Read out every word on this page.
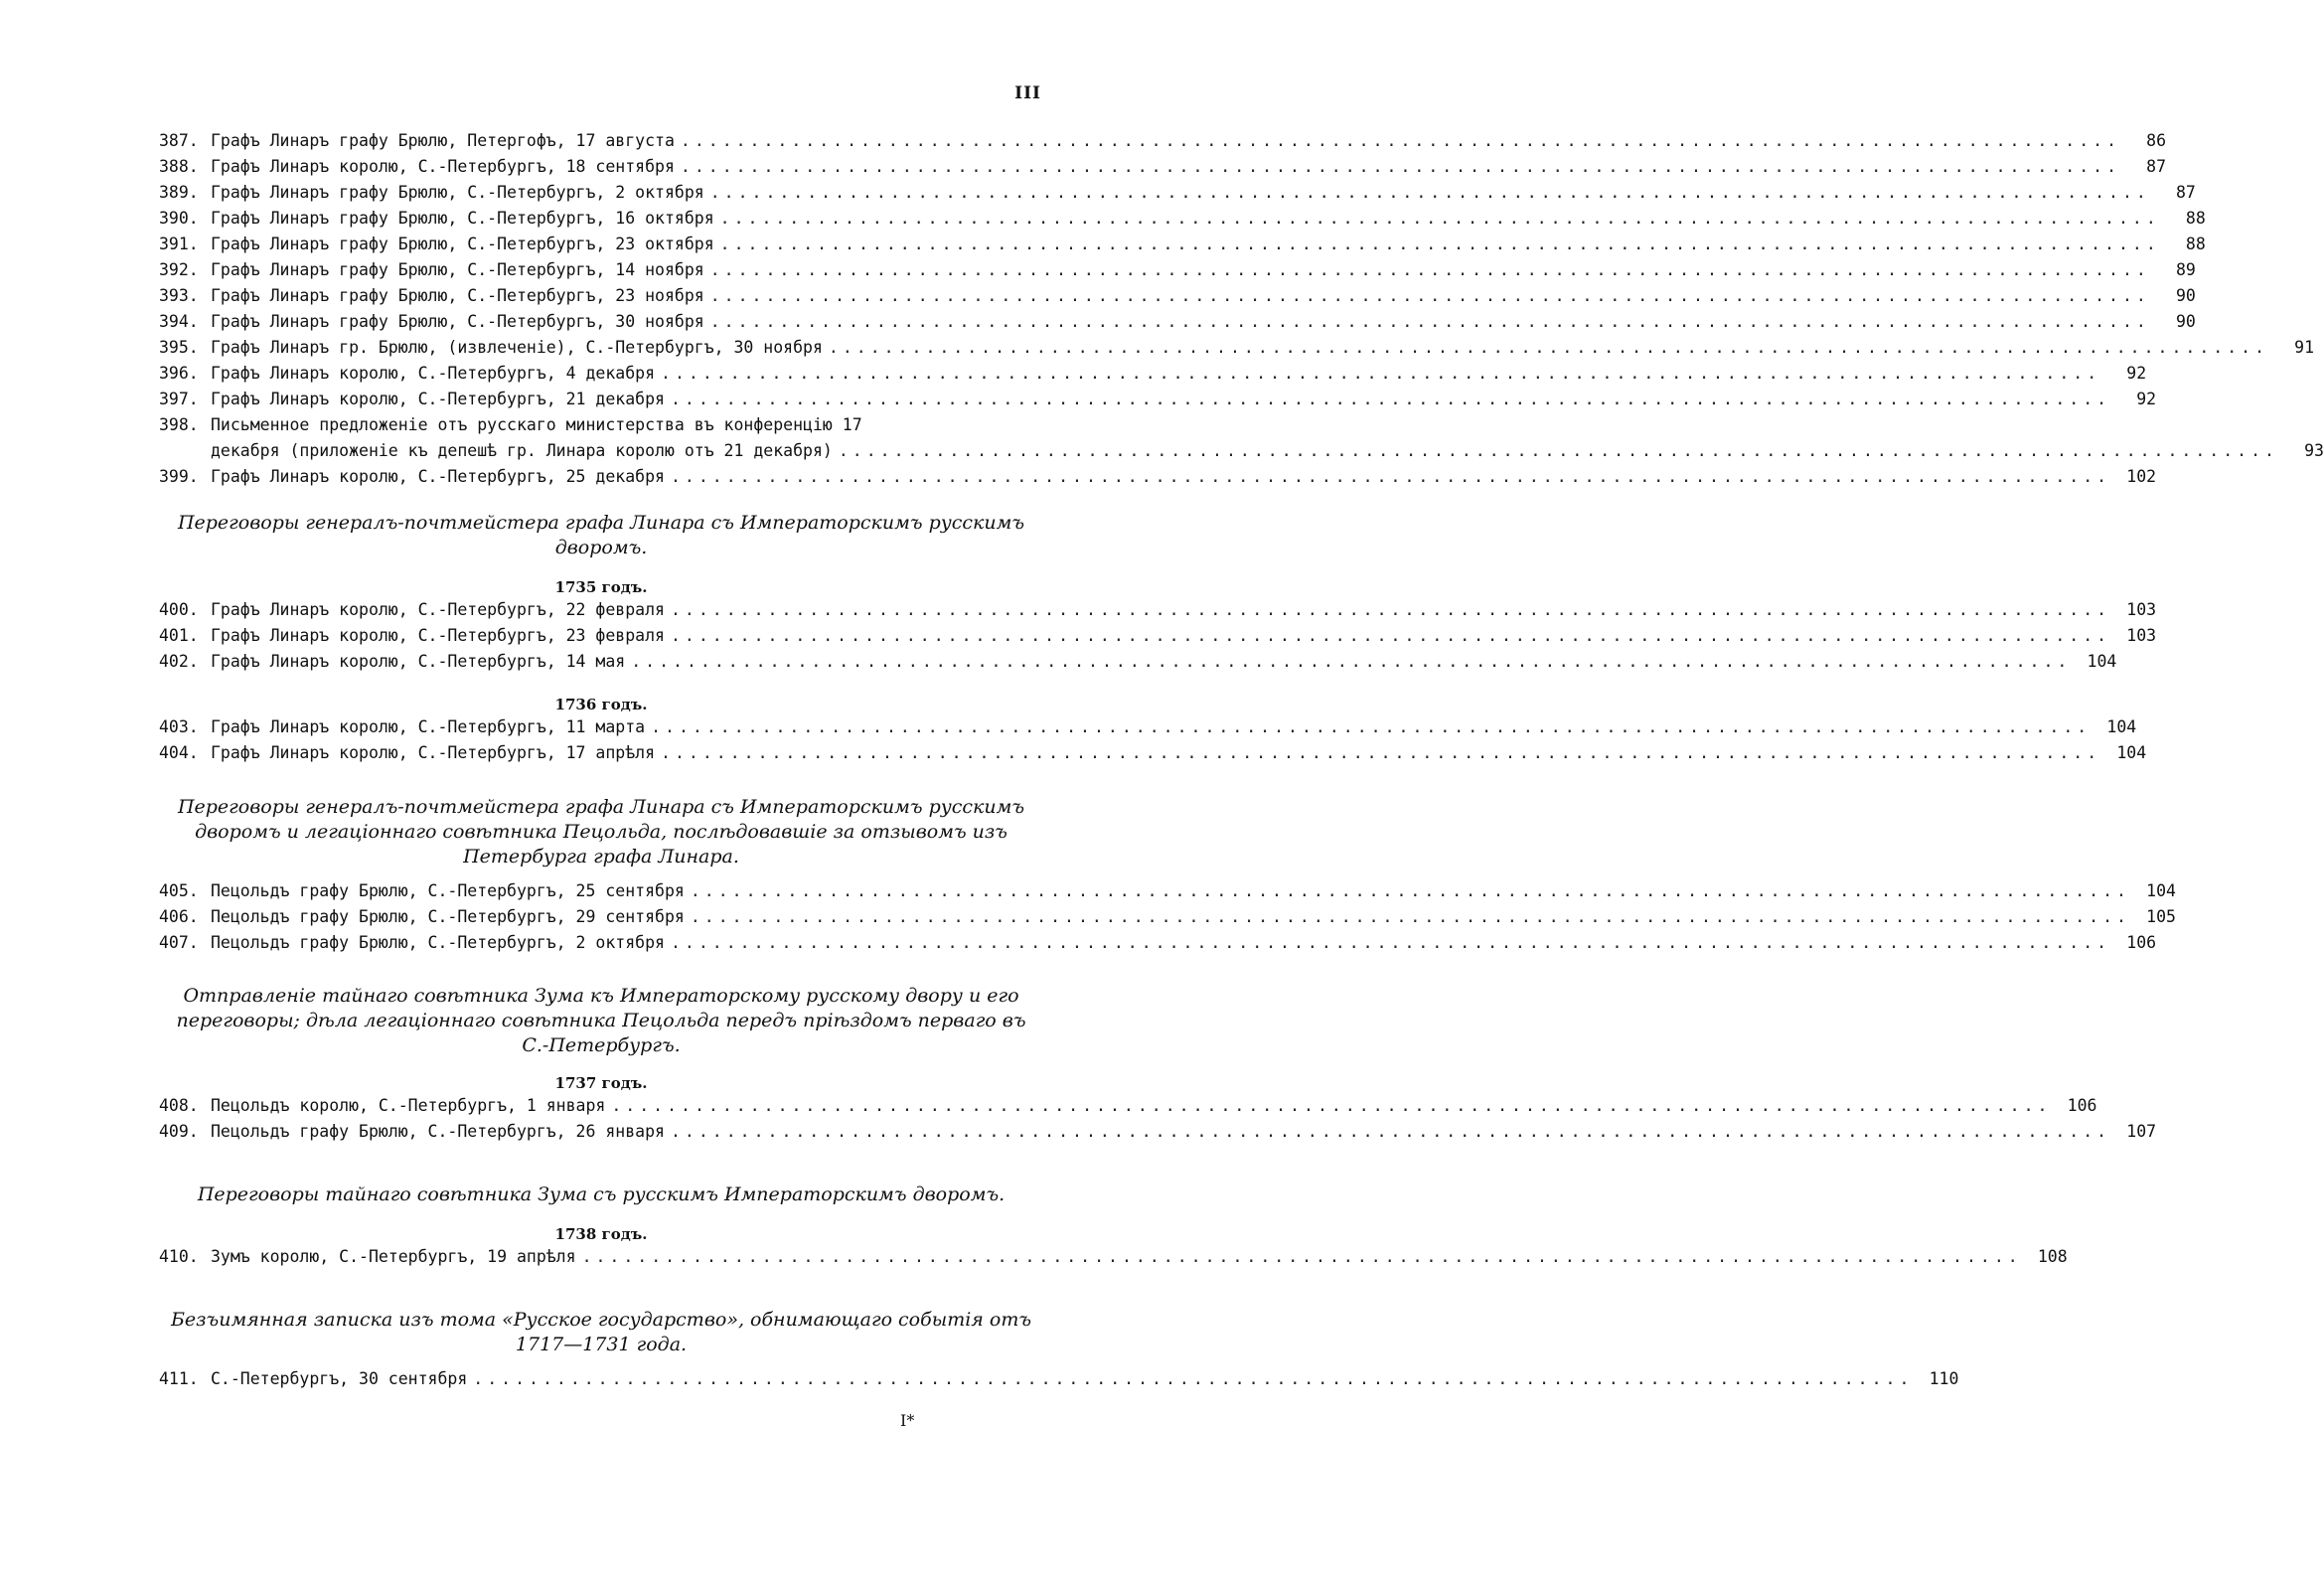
III
387. Графъ Линаръ графу Брюлю, Петергофъ, 17 августа .....	86
388. Графъ Линаръ королю, С.-Петербургъ, 18 сентября .....	87
389. Графъ Линаръ графу Брюлю, С.-Петербургъ, 2 октября .....	87
390. Графъ Линаръ графу Брюлю, С.-Петербургъ, 16 октября .....	88
391. Графъ Линаръ графу Брюлю, С.-Петербургъ, 23 октября .....	88
392. Графъ Линаръ графу Брюлю, С.-Петербургъ, 14 ноября .....	89
393. Графъ Линаръ графу Брюлю, С.-Петербургъ, 23 ноября .....	90
394. Графъ Линаръ графу Брюлю, С.-Петербургъ, 30 ноября .....	90
395. Графъ Линаръ гр. Брюлю, (извлеченіе), С.-Петербургъ, 30 ноября .....	91
396. Графъ Линаръ королю, С.-Петербургъ, 4 декабря .....	92
397. Графъ Линаръ королю, С.-Петербургъ, 21 декабря .....	92
398. Письменное предложеніе отъ русскаго министерства въ конференцію 17
декабря (приложеніе къ депешѣ гр. Линара королю отъ 21 декабря) .....	93
399. Графъ Линаръ королю, С.-Петербургъ, 25 декабря .....	102
Переговоры генералъ-почтмейстера графа Линара съ Императорскимъ русскимъ дворомъ.
1735 годъ.
400. Графъ Линаръ королю, С.-Петербургъ, 22 февраля .....	103
401. Графъ Линаръ королю, С.-Петербургъ, 23 февраля .....	103
402. Графъ Линаръ королю, С.-Петербургъ, 14 мая .....	104
1736 годъ.
403. Графъ Линаръ королю, С.-Петербургъ, 11 марта .....	104
404. Графъ Линаръ королю, С.-Петербургъ, 17 апрѣля .....	104
Переговоры генералъ-почтмейстера графа Линара съ Императорскимъ русскимъ дворомъ и легаціоннаго совѣтника Пецольда, послѣдовавшіе за отзывомъ изъ Петербурга графа Линара.
405. Пецольдъ графу Брюлю, С.-Петербургъ, 25 сентября .....	104
406. Пецольдъ графу Брюлю, С.-Петербургъ, 29 сентября .....	105
407. Пецольдъ графу Брюлю, С.-Петербургъ, 2 октября .....	106
Отправленіе тайнаго совѣтника Зума къ Императорскому русскому двору и его переговоры; дѣла легаціоннаго совѣтника Пецольда передъ пріѣздомъ перваго въ С.-Петербургъ.
1737 годъ.
408. Пецольдъ королю, С.-Петербургъ, 1 января .....	106
409. Пецольдъ графу Брюлю, С.-Петербургъ, 26 января .....	107
Переговоры тайнаго совѣтника Зума съ русскимъ Императорскимъ дворомъ.
1738 годъ.
410. Зумъ королю, С.-Петербургъ, 19 апрѣля .....	108
Безъимянная записка изъ тома «Русское государство», обнимающаго событія отъ 1717—1731 года.
411. С.-Петербургъ, 30 сентября .....	110
I*
